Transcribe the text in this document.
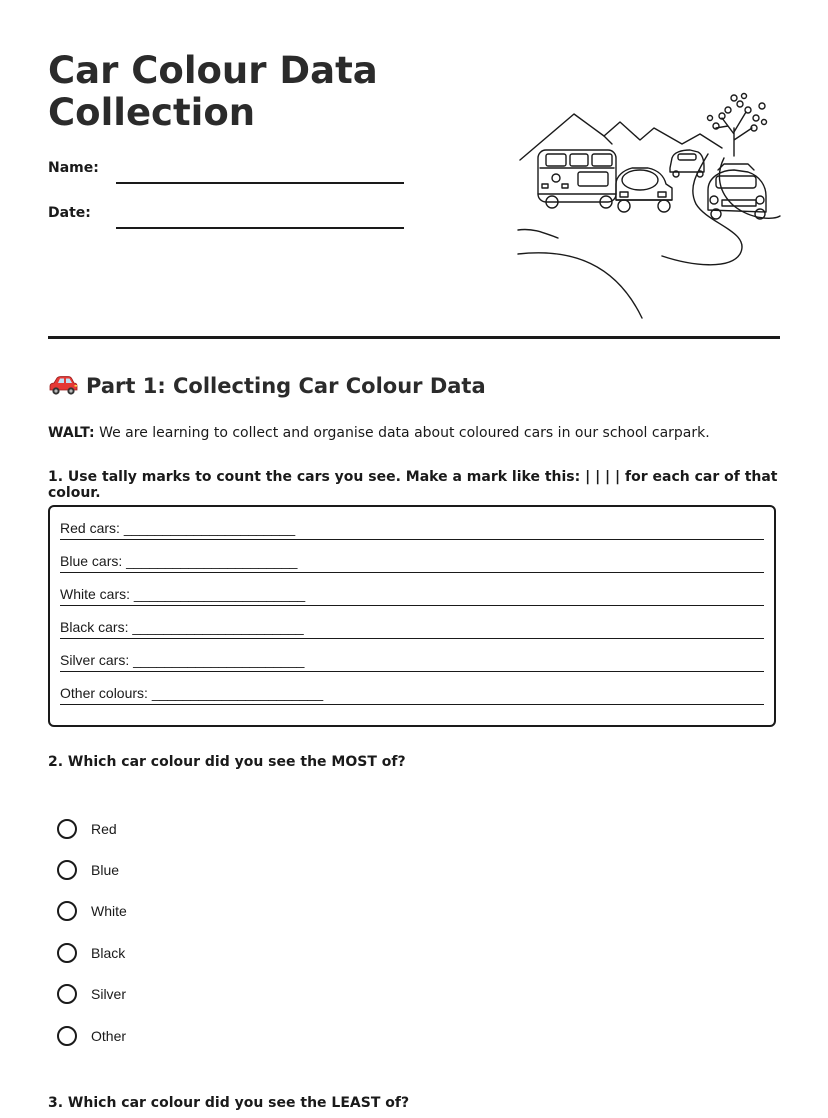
Car Colour Data Collection
Name:
Date:
Part 1: Collecting Car Colour Data

WALT: We are learning to collect and organise data about coloured cars in our school carpark.

1. Use tally marks to count the cars you see. Make a mark like this: | | | | for each car of that colour.

Red cars: ______________________
Blue cars: ______________________
White cars: ______________________
Black cars: ______________________
Silver cars: ______________________
Other colours: ______________________

2. Which car colour did you see the MOST of?

Red
Blue
White
Black
Silver
Other

3. Which car colour did you see the LEAST of?
